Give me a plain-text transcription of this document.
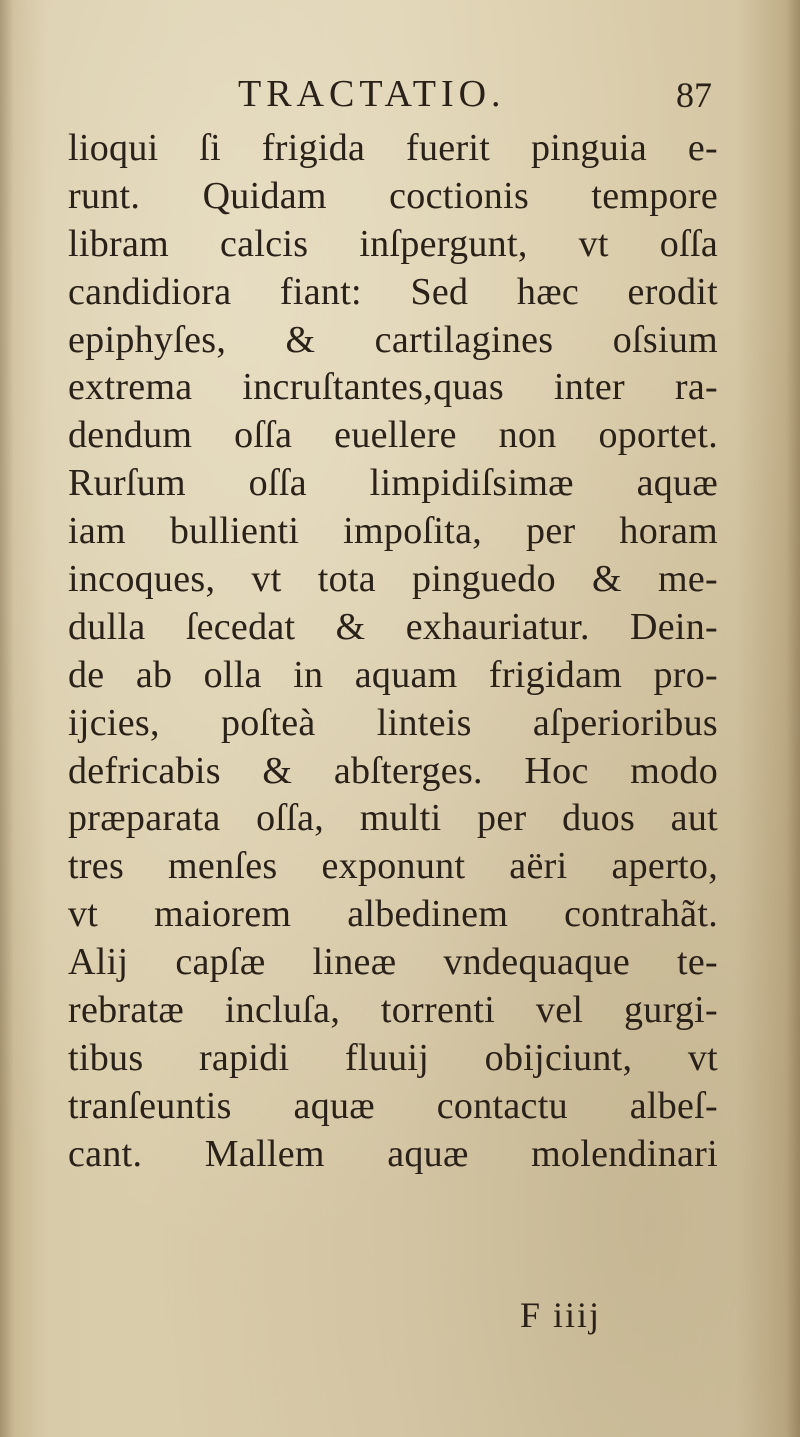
TRACTATIO.	87
lioqui ſi frigida fuerit pinguia e-
runt. Quidam coctionis tempore
libram calcis inſpergunt, vt oſſa
candidiora fiant: Sed hæc erodit
epiphyſes, & cartilagines oſsium
extrema incruſtantes,quas inter ra-
dendum oſſa euellere non oportet.
Rurſum oſſa limpidiſsimæ aquæ
iam bullienti impoſita, per horam
incoques, vt tota pinguedo & me-
dulla ſecedat & exhauriatur. Dein-
de ab olla in aquam frigidam pro-
ijcies, poſteà linteis aſperioribus
defricabis & abſterges. Hoc modo
præparata oſſa, multi per duos aut
tres menſes exponunt aëri aperto,
vt maiorem albedinem contrahãt.
Alij capſæ lineæ vndequaque te-
rebratæ incluſa, torrenti vel gurgi-
tibus rapidi fluuij obijciunt, vt
tranſeuntis aquæ contactu albeſ-
cant. Mallem aquæ molendinari
F iiij
